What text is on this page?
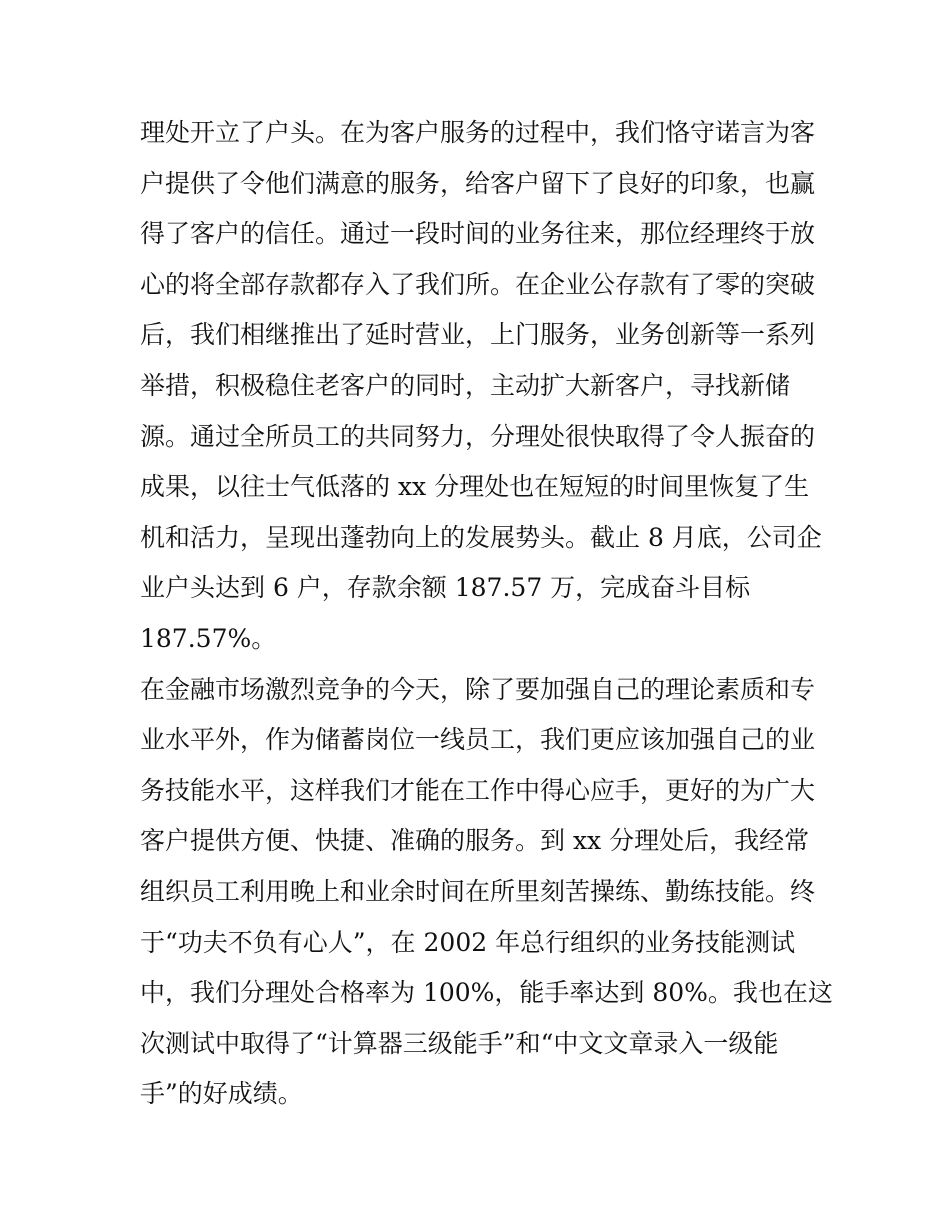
理处开立了户头。在为客户服务的过程中，我们恪守诺言为客
户提供了令他们满意的服务，给客户留下了良好的印象，也赢
得了客户的信任。通过一段时间的业务往来，那位经理终于放
心的将全部存款都存入了我们所。在企业公存款有了零的突破
后，我们相继推出了延时营业，上门服务，业务创新等一系列
举措，积极稳住老客户的同时，主动扩大新客户，寻找新储
源。通过全所员工的共同努力，分理处很快取得了令人振奋的
成果，以往士气低落的 xx 分理处也在短短的时间里恢复了生
机和活力，呈现出蓬勃向上的发展势头。截止 8 月底，公司企
业户头达到 6 户，存款余额 187.57 万，完成奋斗目标
187.57%。
在金融市场激烈竞争的今天，除了要加强自己的理论素质和专
业水平外，作为储蓄岗位一线员工，我们更应该加强自己的业
务技能水平，这样我们才能在工作中得心应手，更好的为广大
客户提供方便、快捷、准确的服务。到 xx 分理处后，我经常
组织员工利用晚上和业余时间在所里刻苦操练、勤练技能。终
于“功夫不负有心人”，在 2002 年总行组织的业务技能测试
中，我们分理处合格率为 100%，能手率达到 80%。我也在这
次测试中取得了“计算器三级能手”和“中文文章录入一级能
手”的好成绩。
